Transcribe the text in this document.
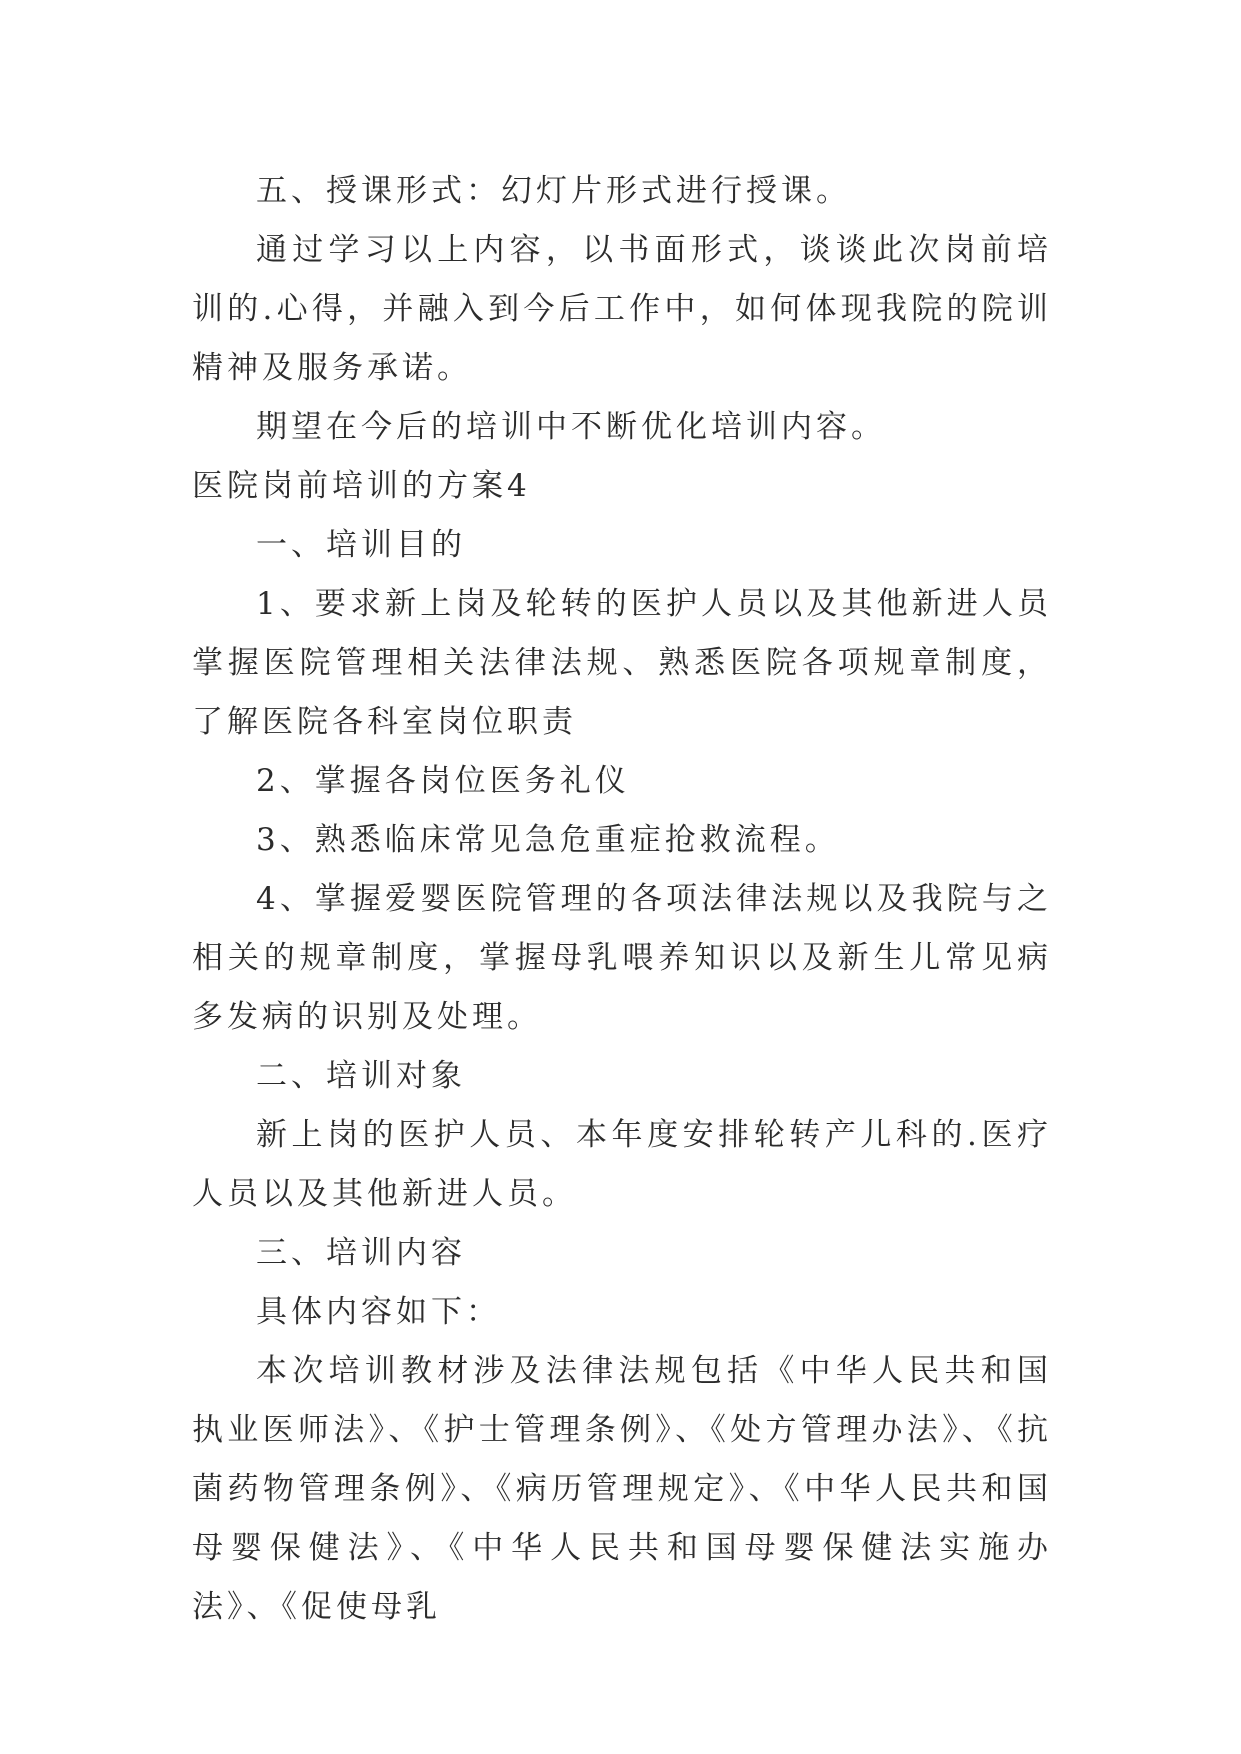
五、授课形式：幻灯片形式进行授课。

通过学习以上内容，以书面形式，谈谈此次岗前培训的.心得，并融入到今后工作中，如何体现我院的院训精神及服务承诺。

期望在今后的培训中不断优化培训内容。

医院岗前培训的方案4

一、培训目的

1、要求新上岗及轮转的医护人员以及其他新进人员掌握医院管理相关法律法规、熟悉医院各项规章制度，了解医院各科室岗位职责

2、掌握各岗位医务礼仪

3、熟悉临床常见急危重症抢救流程。

4、掌握爱婴医院管理的各项法律法规以及我院与之相关的规章制度，掌握母乳喂养知识以及新生儿常见病多发病的识别及处理。

二、培训对象

新上岗的医护人员、本年度安排轮转产儿科的.医疗人员以及其他新进人员。

三、培训内容

具体内容如下：

本次培训教材涉及法律法规包括《中华人民共和国执业医师法》、《护士管理条例》、《处方管理办法》、《抗菌药物管理条例》、《病历管理规定》、《中华人民共和国母婴保健法》、《中华人民共和国母婴保健法实施办法》、《促使母乳
